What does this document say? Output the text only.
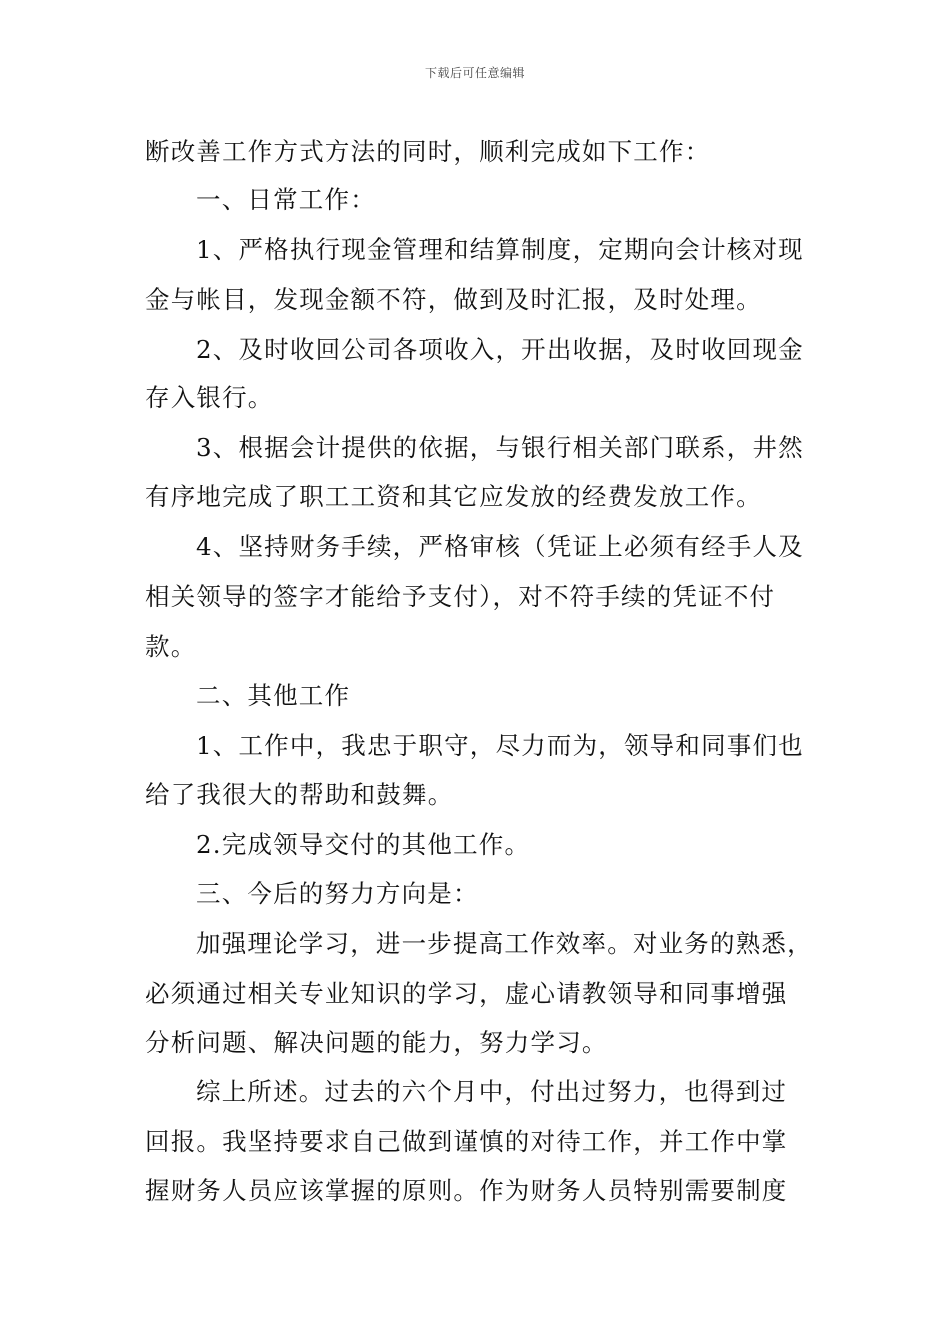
下载后可任意编辑
断改善工作方式方法的同时，顺利完成如下工作：
一、日常工作：
1、严格执行现金管理和结算制度，定期向会计核对现
金与帐目，发现金额不符，做到及时汇报，及时处理。
2、及时收回公司各项收入，开出收据，及时收回现金
存入银行。
3、根据会计提供的依据，与银行相关部门联系，井然
有序地完成了职工工资和其它应发放的经费发放工作。
4、坚持财务手续，严格审核（凭证上必须有经手人及
相关领导的签字才能给予支付），对不符手续的凭证不付
款。
二、其他工作
1、工作中，我忠于职守，尽力而为，领导和同事们也
给了我很大的帮助和鼓舞。
2.完成领导交付的其他工作。
三、今后的努力方向是：
加强理论学习，进一步提高工作效率。对业务的熟悉，
必须通过相关专业知识的学习，虚心请教领导和同事增强
分析问题、解决问题的能力，努力学习。
综上所述。过去的六个月中，付出过努力，也得到过
回报。我坚持要求自己做到谨慎的对待工作，并工作中掌
握财务人员应该掌握的原则。作为财务人员特别需要制度
